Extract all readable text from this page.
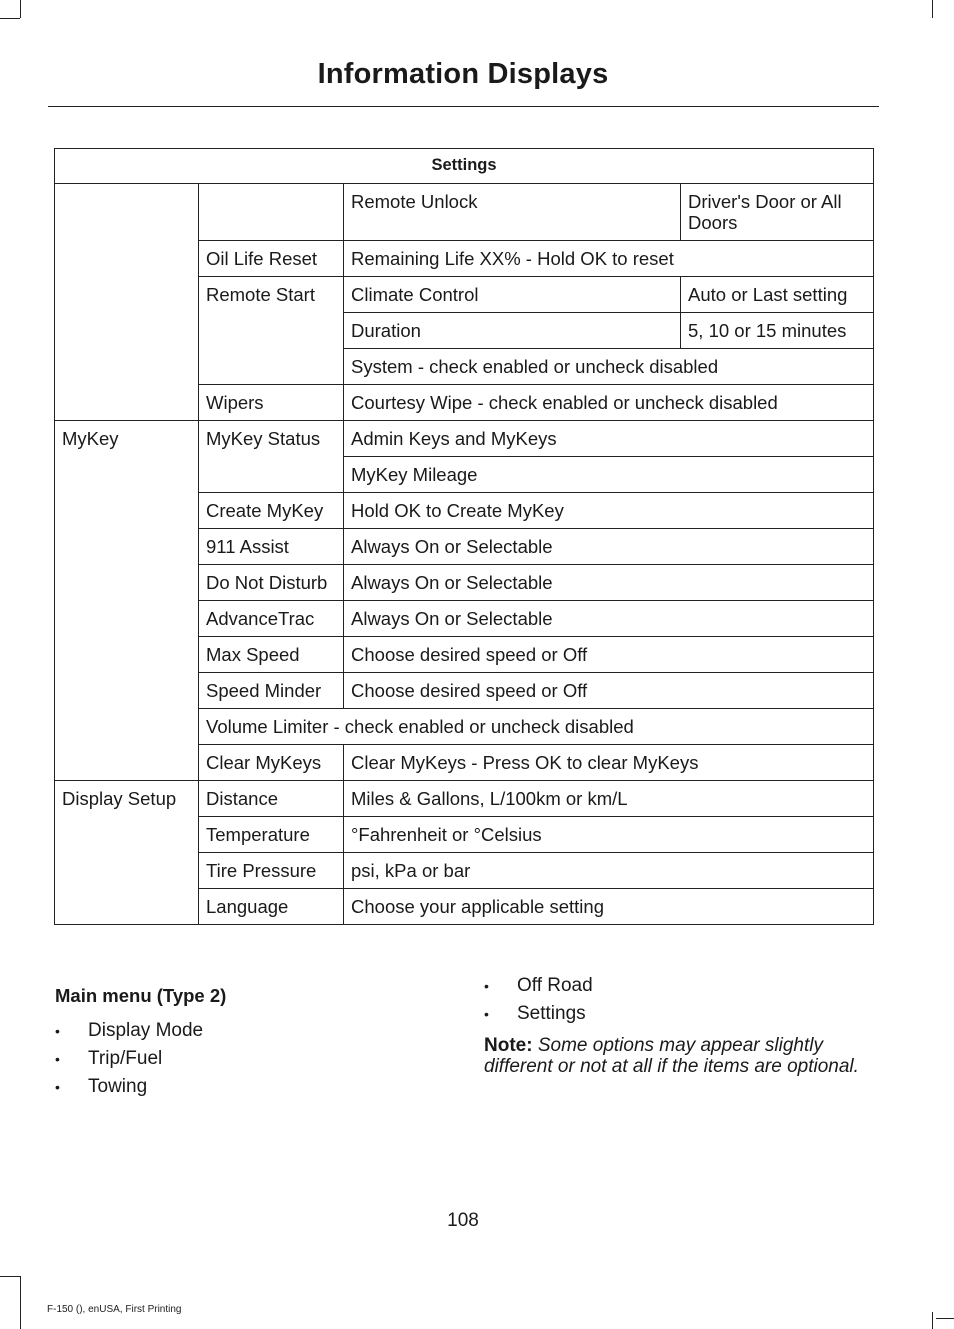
Information Displays
Settings			
		Remote Unlock	Driver's Door or All Doors
	Oil Life Reset	Remaining Life XX% - Hold OK to reset	
	Remote Start	Climate Control	Auto or Last setting
		Duration	5, 10 or 15 minutes
		System - check enabled or uncheck disabled	
	Wipers	Courtesy Wipe - check enabled or uncheck disabled	
MyKey	MyKey Status	Admin Keys and MyKeys	
		MyKey Mileage	
	Create MyKey	Hold OK to Create MyKey	
	911 Assist	Always On or Selectable	
	Do Not Disturb	Always On or Selectable	
	AdvanceTrac	Always On or Selectable	
	Max Speed	Choose desired speed or Off	
	Speed Minder	Choose desired speed or Off	
	Volume Limiter - check enabled or uncheck disabled		
	Clear MyKeys	Clear MyKeys - Press OK to clear MyKeys	
Display Setup	Distance	Miles & Gallons, L/100km or km/L	
	Temperature	°Fahrenheit or °Celsius	
	Tire Pressure	psi, kPa or bar	
	Language	Choose your applicable setting	
Main menu (Type 2)
• Display Mode
• Trip/Fuel
• Towing
• Off Road
• Settings
Note: Some options may appear slightly different or not at all if the items are optional.
108
F-150 (), enUSA, First Printing
